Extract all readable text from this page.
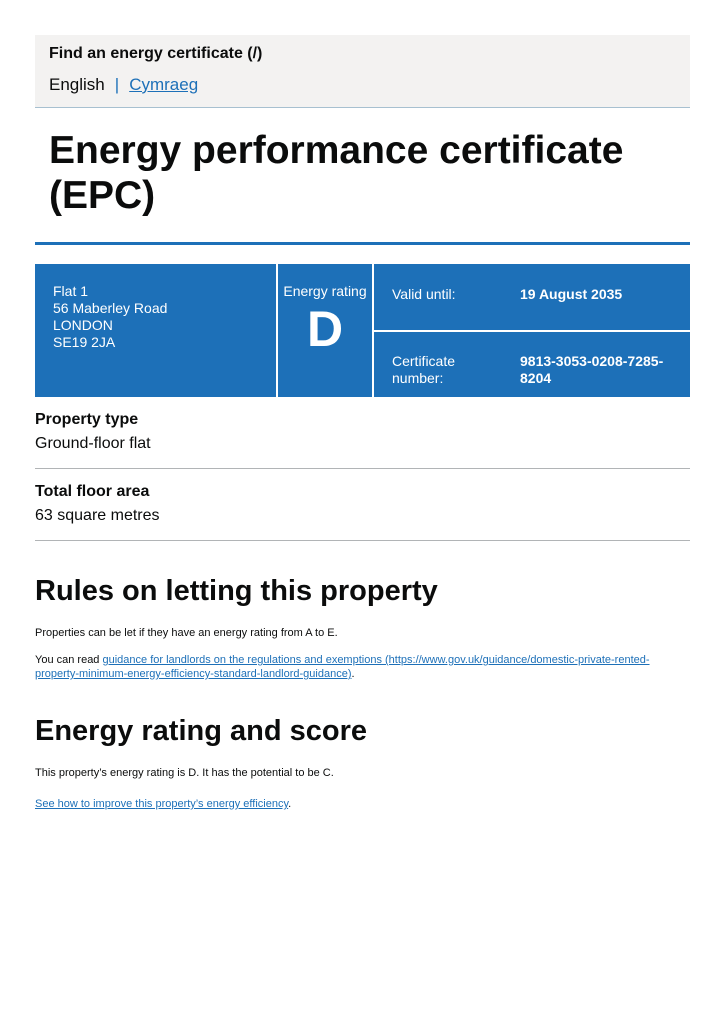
Find an energy certificate (/)
English | Cymraeg
Energy performance certificate (EPC)
Flat 1
56 Maberley Road
LONDON
SE19 2JA
Energy rating
D
Valid until:	19 August 2035
Certificate number:
9813-3053-0208-7285-8204
Property type
Ground-floor flat
Total floor area
63 square metres
Rules on letting this property

Properties can be let if they have an energy rating from A to E.

You can read guidance for landlords on the regulations and exemptions (https://www.gov.uk/guidance/domestic-private-rented-property-minimum-energy-efficiency-standard-landlord-guidance).

Energy rating and score

This property’s energy rating is D. It has the potential to be C.

See how to improve this property’s energy efficiency.
